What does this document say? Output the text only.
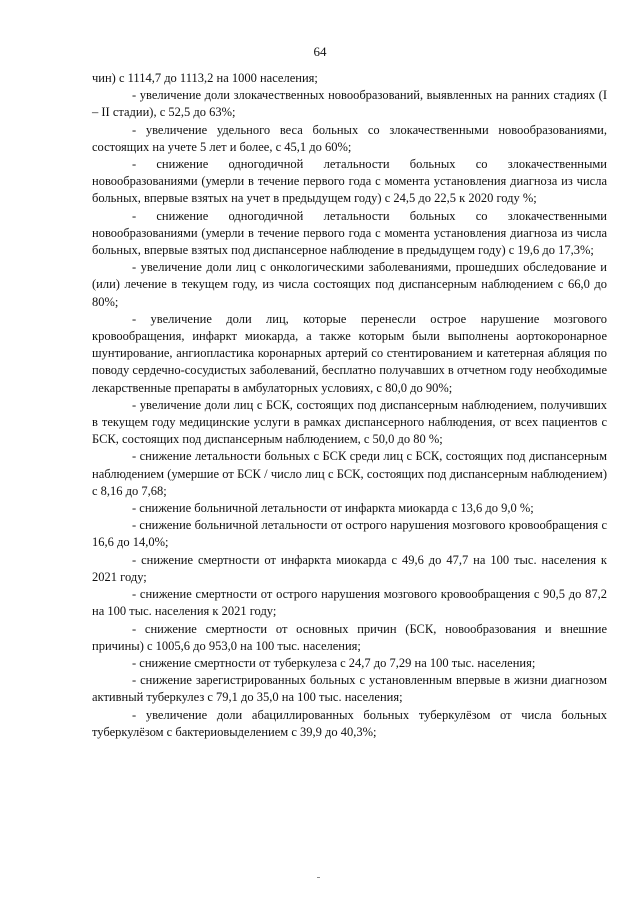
64

чин) с 1114,7 до 1113,2 на 1000 населения;

- увеличение доли злокачественных новообразований, выявленных на ранних стадиях (I – II стадии), с 52,5 до 63%;

- увеличение удельного веса больных со злокачественными новообразованиями, состоящих на учете 5 лет и более, с 45,1 до 60%;

- снижение одногодичной летальности больных со злокачественными новообразованиями (умерли в течение первого года с момента установления диагноза из числа больных, впервые взятых на учет в предыдущем году) с 24,5 до 22,5 к 2020 году %;

- снижение одногодичной летальности больных со злокачественными новообразованиями (умерли в течение первого года с момента установления диагноза из числа больных, впервые взятых под диспансерное наблюдение в предыдущем году) с 19,6 до 17,3%;

- увеличение доли лиц с онкологическими заболеваниями, прошедших обследование и (или) лечение в текущем году, из числа состоящих под диспансерным наблюдением с 66,0 до 80%;

- увеличение доли лиц, которые перенесли острое нарушение мозгового кровообращения, инфаркт миокарда, а также которым были выполнены аортокоронарное шунтирование, ангиопластика коронарных артерий со стентированием и катетерная абляция по поводу сердечно-сосудистых заболеваний, бесплатно получавших в отчетном году необходимые лекарственные препараты в амбулаторных условиях, с 80,0 до 90%;

- увеличение доли лиц с БСК, состоящих под диспансерным наблюдением, получивших в текущем году медицинские услуги в рамках диспансерного наблюдения, от всех пациентов с БСК, состоящих под диспансерным наблюдением, с 50,0 до 80 %;

- снижение летальности больных с БСК среди лиц с БСК, состоящих под диспансерным наблюдением (умершие от БСК / число лиц с БСК, состоящих под диспансерным наблюдением) с 8,16 до 7,68;

- снижение больничной летальности от инфаркта миокарда с 13,6 до 9,0 %;

- снижение больничной летальности от острого нарушения мозгового кровообращения с 16,6 до 14,0%;

- снижение смертности от инфаркта миокарда с 49,6 до 47,7 на 100 тыс. населения к 2021 году;

- снижение смертности от острого нарушения мозгового кровообращения с 90,5 до 87,2 на 100 тыс. населения к 2021 году;

- снижение смертности от основных причин (БСК, новообразования и внешние причины) с 1005,6 до 953,0 на 100 тыс. населения;

- снижение смертности от туберкулеза с 24,7 до 7,29 на 100 тыс. населения;

- снижение зарегистрированных больных с установленным впервые в жизни диагнозом активный туберкулез с 79,1 до 35,0 на 100 тыс. населения;

- увеличение доли абациллированных больных туберкулёзом от числа больных туберкулёзом с бактериовыделением с 39,9 до 40,3%;
